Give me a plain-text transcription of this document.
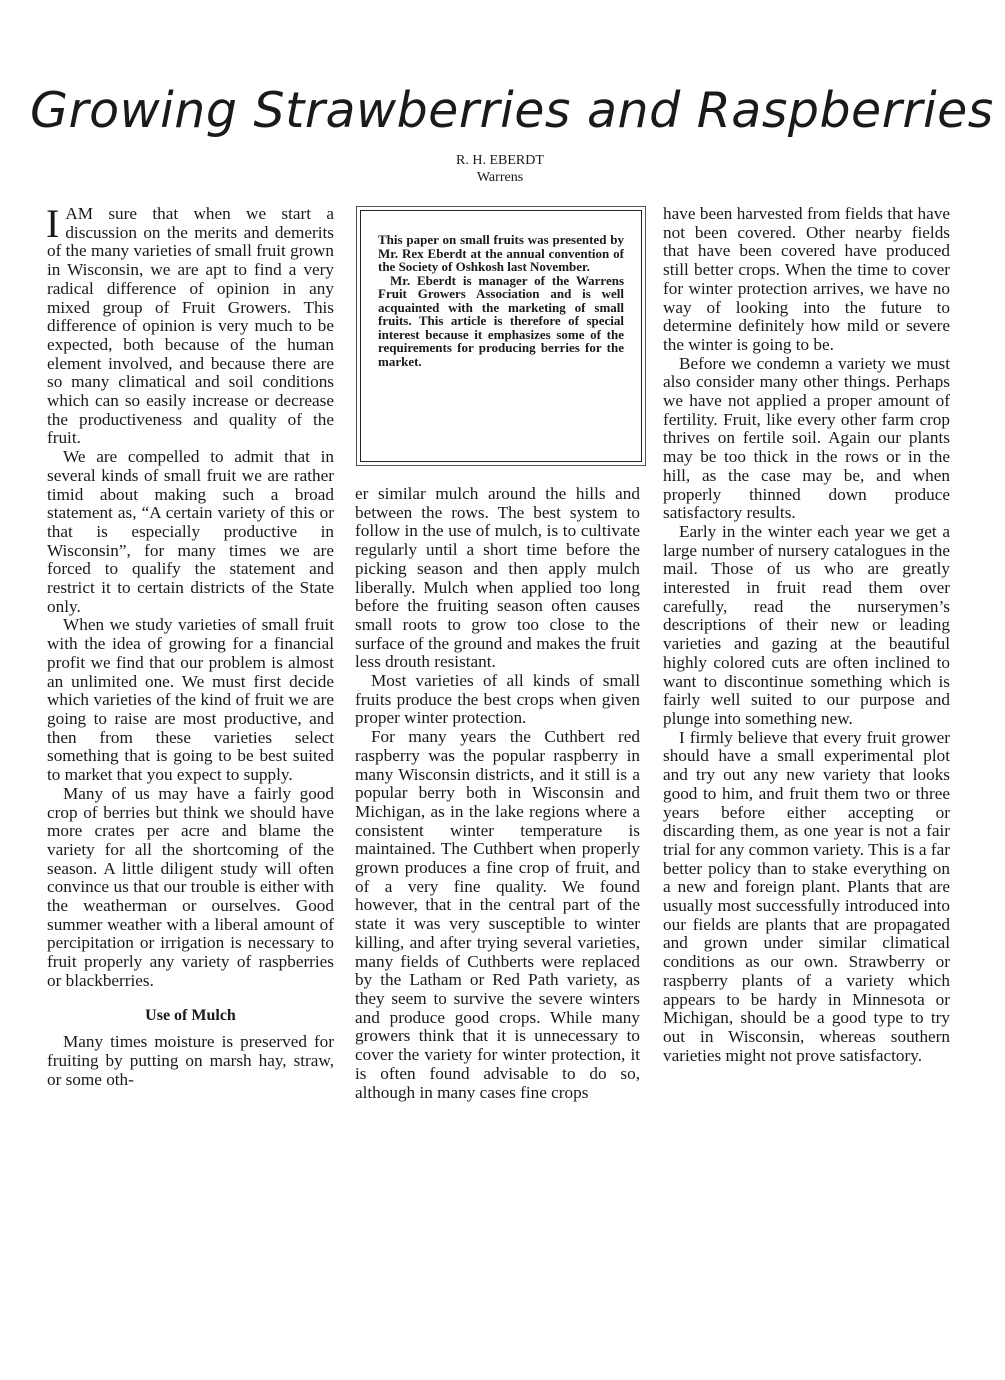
Growing Strawberries and Raspberries
R. H. EBERDT
Warrens

IAM sure that when we start a discussion on the merits and demerits of the many varieties of small fruit grown in Wisconsin, we are apt to find a very radical difference of opinion in any mixed group of Fruit Growers. This difference of opinion is very much to be expected, both because of the human element involved, and because there are so many climatical and soil conditions which can so easily increase or decrease the productiveness and quality of the fruit.

We are compelled to admit that in several kinds of small fruit we are rather timid about making such a broad statement as, “A certain variety of this or that is especially productive in Wisconsin”, for many times we are forced to qualify the statement and restrict it to certain districts of the State only.

When we study varieties of small fruit with the idea of growing for a financial profit we find that our problem is almost an unlimited one. We must first decide which varieties of the kind of fruit we are going to raise are most productive, and then from these varieties select something that is going to be best suited to market that you expect to supply.

Many of us may have a fairly good crop of berries but think we should have more crates per acre and blame the variety for all the shortcoming of the season. A little diligent study will often convince us that our trouble is either with the weatherman or ourselves. Good summer weather with a liberal amount of percipitation or irrigation is necessary to fruit properly any variety of raspberries or blackberries.

Use of Mulch

Many times moisture is preserved for fruiting by putting on marsh hay, straw, or some oth-

This paper on small fruits was presented by Mr. Rex Eberdt at the annual convention of the Society of Oshkosh last November.

Mr. Eberdt is manager of the Warrens Fruit Growers Association and is well acquainted with the marketing of small fruits. This article is therefore of special interest because it emphasizes some of the requirements for producing berries for the market.

er similar mulch around the hills and between the rows. The best system to follow in the use of mulch, is to cultivate regularly until a short time before the picking season and then apply mulch liberally. Mulch when applied too long before the fruiting season often causes small roots to grow too close to the surface of the ground and makes the fruit less drouth resistant.

Most varieties of all kinds of small fruits produce the best crops when given proper winter protection.

For many years the Cuthbert red raspberry was the popular raspberry in many Wisconsin districts, and it still is a popular berry both in Wisconsin and Michigan, as in the lake regions where a consistent winter temperature is maintained. The Cuthbert when properly grown produces a fine crop of fruit, and of a very fine quality. We found however, that in the central part of the state it was very susceptible to winter killing, and after trying several varieties, many fields of Cuthberts were replaced by the Latham or Red Path variety, as they seem to survive the severe winters and produce good crops. While many growers think that it is unnecessary to cover the variety for winter protection, it is often found advisable to do so, although in many cases fine crops

have been harvested from fields that have not been covered. Other nearby fields that have been covered have produced still better crops. When the time to cover for winter protection arrives, we have no way of looking into the future to determine definitely how mild or severe the winter is going to be.

Before we condemn a variety we must also consider many other things. Perhaps we have not applied a proper amount of fertility. Fruit, like every other farm crop thrives on fertile soil. Again our plants may be too thick in the rows or in the hill, as the case may be, and when properly thinned down produce satisfactory results.

Early in the winter each year we get a large number of nursery catalogues in the mail. Those of us who are greatly interested in fruit read them over carefully, read the nurserymen’s descriptions of their new or leading varieties and gazing at the beautiful highly colored cuts are often inclined to want to discontinue something which is fairly well suited to our purpose and plunge into something new.

I firmly believe that every fruit grower should have a small experimental plot and try out any new variety that looks good to him, and fruit them two or three years before either accepting or discarding them, as one year is not a fair trial for any common variety. This is a far better policy than to stake everything on a new and foreign plant. Plants that are usually most successfully introduced into our fields are plants that are propagated and grown under similar climatical conditions as our own. Strawberry or raspberry plants of a variety which appears to be hardy in Minnesota or Michigan, should be a good type to try out in Wisconsin, whereas southern varieties might not prove satisfactory.
